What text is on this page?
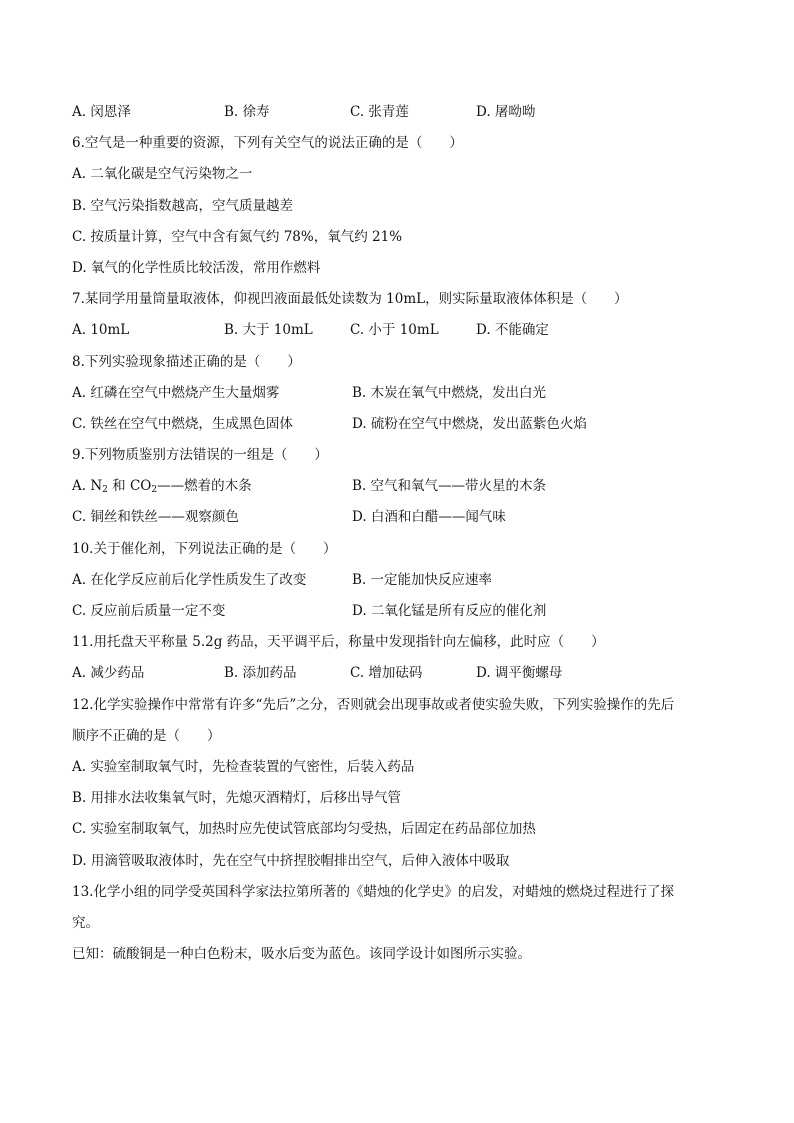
A. 闵恩泽	B. 徐寿	C. 张青莲	D. 屠呦呦
6.空气是一种重要的资源，下列有关空气的说法正确的是（　　）
A. 二氧化碳是空气污染物之一
B. 空气污染指数越高，空气质量越差
C. 按质量计算，空气中含有氮气约 78%，氧气约 21%
D. 氧气的化学性质比较活泼，常用作燃料
7.某同学用量筒量取液体，仰视凹液面最低处读数为 10mL，则实际量取液体体积是（　　）
A. 10mL	B. 大于 10mL	C. 小于 10mL	D. 不能确定
8.下列实验现象描述正确的是（　　）
A. 红磷在空气中燃烧产生大量烟雾	B. 木炭在氧气中燃烧，发出白光
C. 铁丝在空气中燃烧，生成黑色固体	D. 硫粉在空气中燃烧，发出蓝紫色火焰
9.下列物质鉴别方法错误的一组是（　　）
A. $N_2$ 和 $CO_2——$燃着的木条	B. 空气和氧气——带火星的木条
C. 铜丝和铁丝——观察颜色	D. 白酒和白醋——闻气味
10.关于催化剂，下列说法正确的是（　　）
A. 在化学反应前后化学性质发生了改变	B. 一定能加快反应速率
C. 反应前后质量一定不变	D. 二氧化锰是所有反应的催化剂
11.用托盘天平称量 5.2g 药品，天平调平后，称量中发现指针向左偏移，此时应（　　）
A. 减少药品	B. 添加药品	C. 增加砝码	D. 调平衡螺母
12.化学实验操作中常常有许多“先后”之分，否则就会出现事故或者使实验失败，下列实验操作的先后
顺序不正确的是（　　）
A. 实验室制取氧气时，先检查装置的气密性，后装入药品
B. 用排水法收集氧气时，先熄灭酒精灯，后移出导气管
C. 实验室制取氧气，加热时应先使试管底部均匀受热，后固定在药品部位加热
D. 用滴管吸取液体时，先在空气中挤捏胶帽排出空气，后伸入液体中吸取
13.化学小组的同学受英国科学家法拉第所著的《蜡烛的化学史》的启发，对蜡烛的燃烧过程进行了探
究。
已知：硫酸铜是一种白色粉末，吸水后变为蓝色。该同学设计如图所示实验。
